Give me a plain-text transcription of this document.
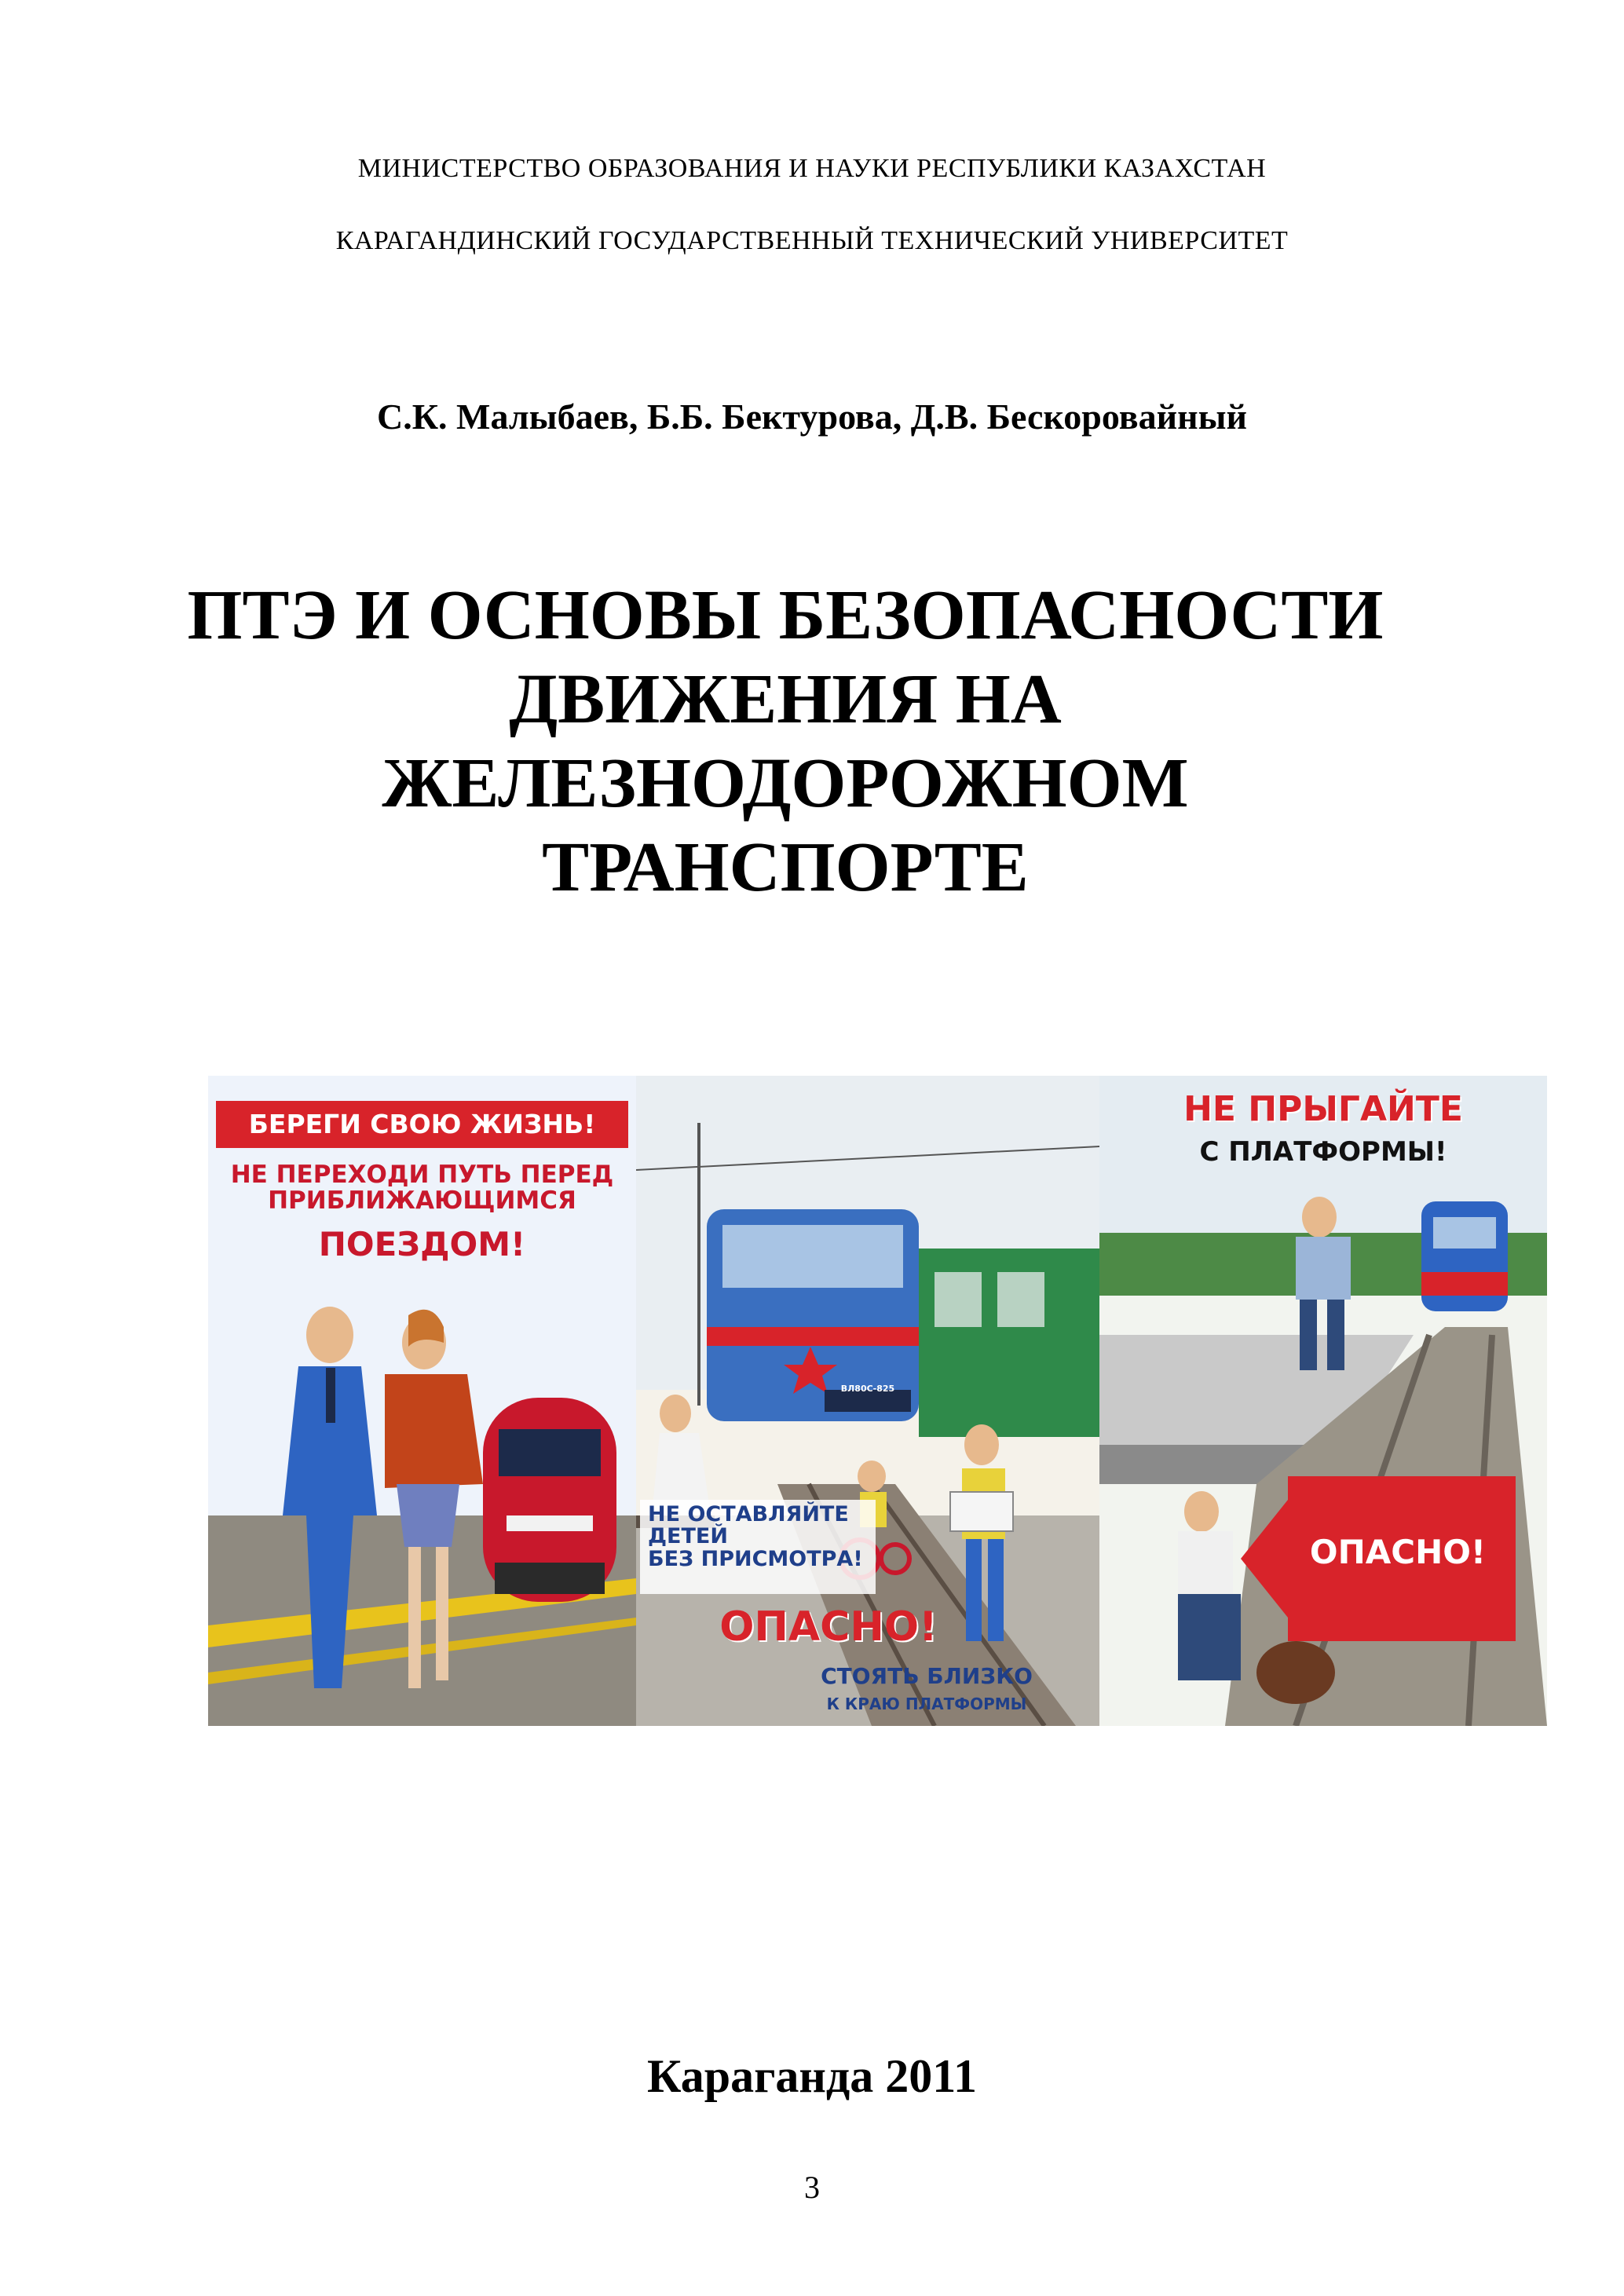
МИНИСТЕРСТВО ОБРАЗОВАНИЯ И НАУКИ РЕСПУБЛИКИ КАЗАХСТАН
КАРАГАНДИНСКИЙ ГОСУДАРСТВЕННЫЙ ТЕХНИЧЕСКИЙ УНИВЕРСИТЕТ
С.К. Малыбаев, Б.Б. Бектурова, Д.В. Бескоровайный
ПТЭ И ОСНОВЫ БЕЗОПАСНОСТИ
ДВИЖЕНИЯ НА
ЖЕЛЕЗНОДОРОЖНОМ
ТРАНСПОРТЕ
БЕРЕГИ СВОЮ ЖИЗНЬ!
НЕ ПЕРЕХОДИ ПУТЬ ПЕРЕД
ПРИБЛИЖАЮЩИМСЯ
ПОЕЗДОМ!
НЕ ОСТАВЛЯЙТЕ
ДЕТЕЙ
БЕЗ ПРИСМОТРА!
ОПАСНО!
СТОЯТЬ БЛИЗКО
К КРАЮ ПЛАТФОРМЫ
ВЛ80С-825
НЕ ПРЫГАЙТЕ
С ПЛАТФОРМЫ!
ОПАСНО!
Караганда 2011
3
